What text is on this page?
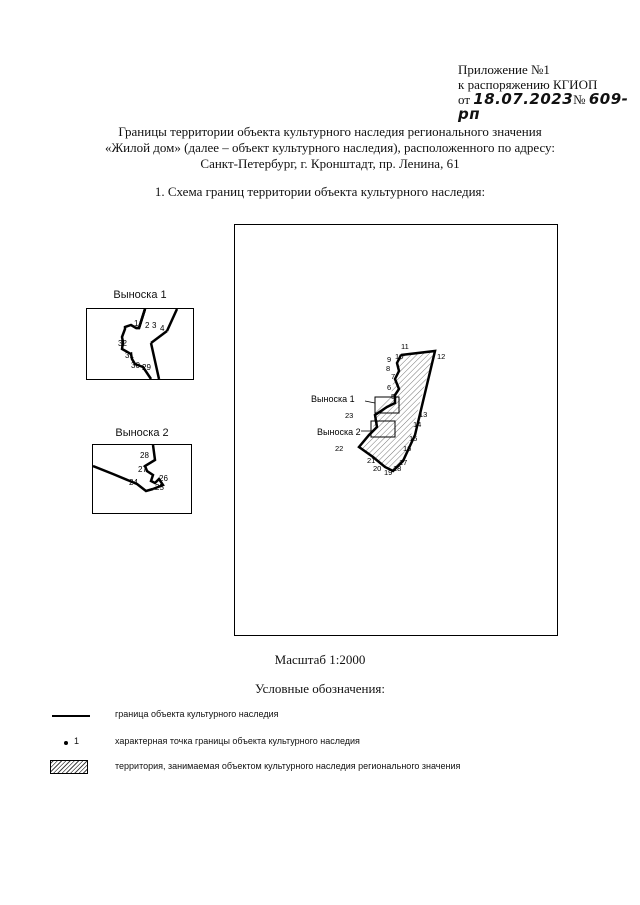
Приложение №1
к распоряжению КГИОП
от 18.07.2023№ 609-рп
Границы территории объекта культурного наследия регионального значения
«Жилой дом» (далее – объект культурного наследия), расположенного по адресу:
Санкт-Петербург, г. Кронштадт, пр. Ленина, 61
1. Схема границ территории объекта культурного наследия:
Выноска 1
1 2 3 4
32
31
30 29
Выноска 2
28
27
26
24
25
Выноска 1
Выноска 2
11
10
9
8
7
6
5
12
13
14
15
16
17
18
19
20
21
22
23
Масштаб 1:2000
Условные обозначения:
граница объекта культурного наследия
1	характерная точка границы объекта культурного наследия
территория, занимаемая объектом культурного наследия регионального значения
